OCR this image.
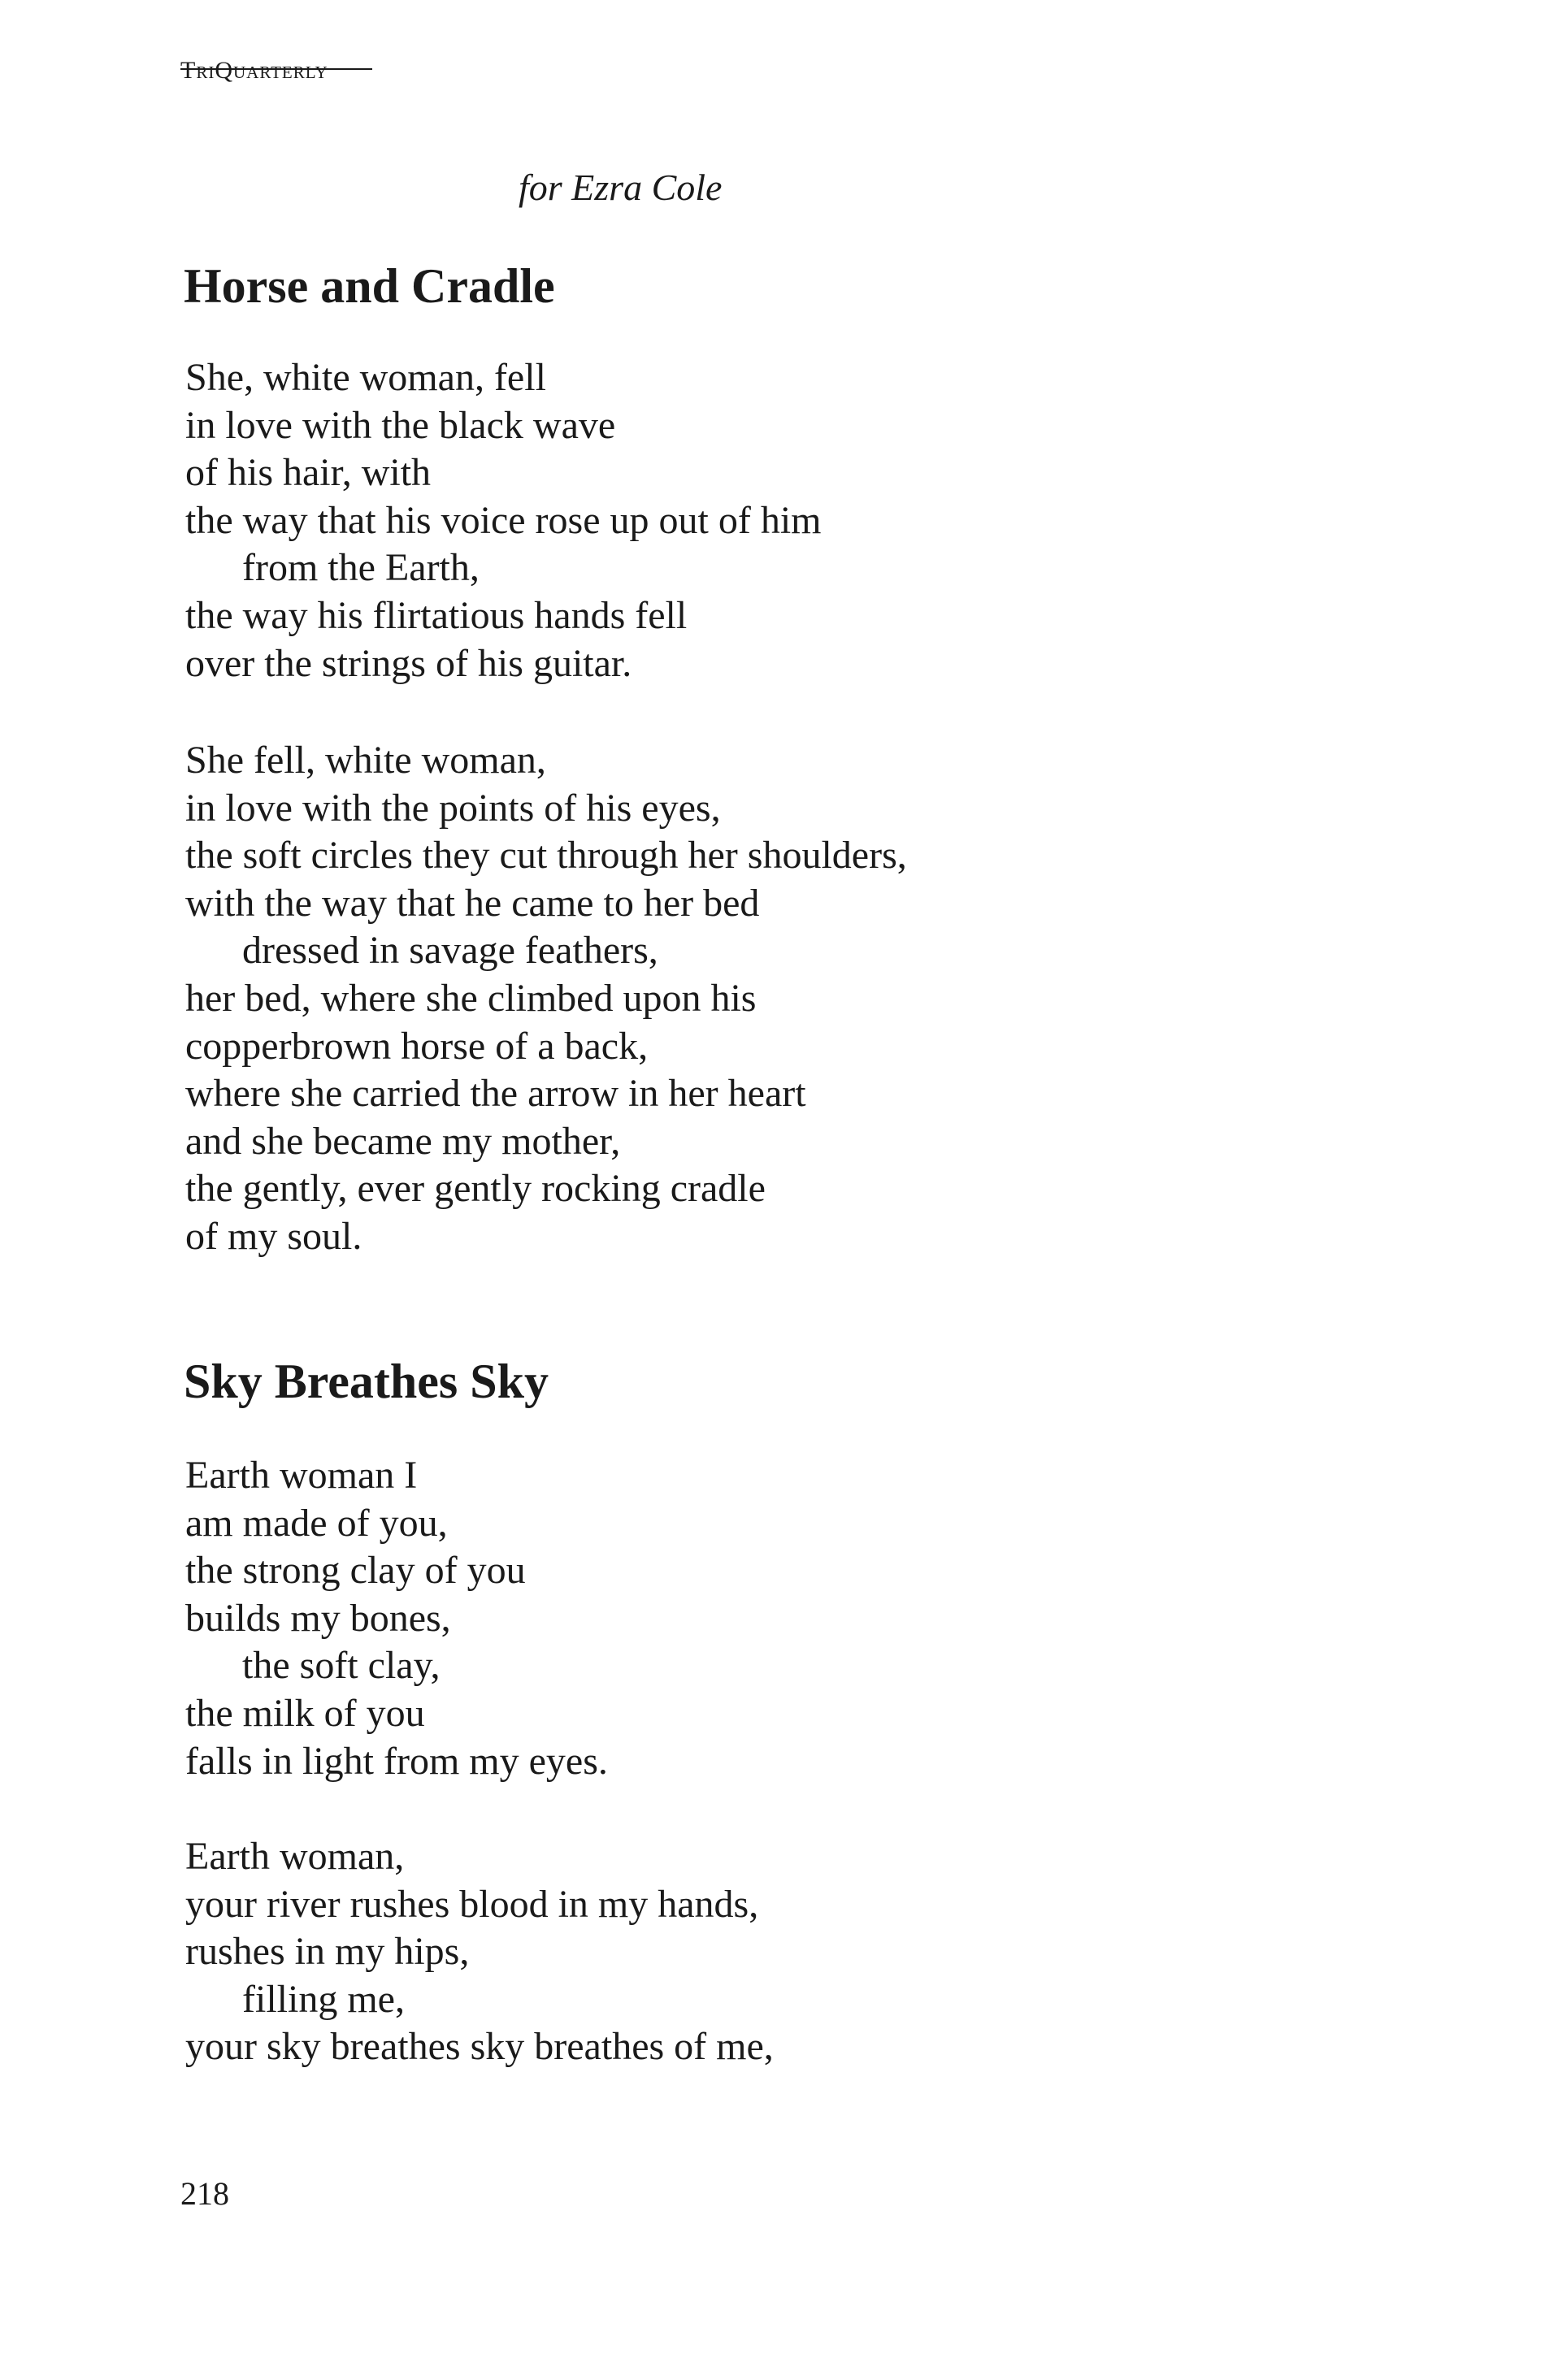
TriQuarterly

for Ezra Cole

Horse and Cradle
She, white woman, fell
in love with the black wave
of his hair, with
the way that his voice rose up out of him
from the Earth,
the way his flirtatious hands fell
over the strings of his guitar.
She fell, white woman,
in love with the points of his eyes,
the soft circles they cut through her shoulders,
with the way that he came to her bed
dressed in savage feathers,
her bed, where she climbed upon his
copperbrown horse of a back,
where she carried the arrow in her heart
and she became my mother,
the gently, ever gently rocking cradle
of my soul.
Sky Breathes Sky
Earth woman I
am made of you,
the strong clay of you
builds my bones,
the soft clay,
the milk of you
falls in light from my eyes.
Earth woman,
your river rushes blood in my hands,
rushes in my hips,
filling me,
your sky breathes sky breathes of me,

218
